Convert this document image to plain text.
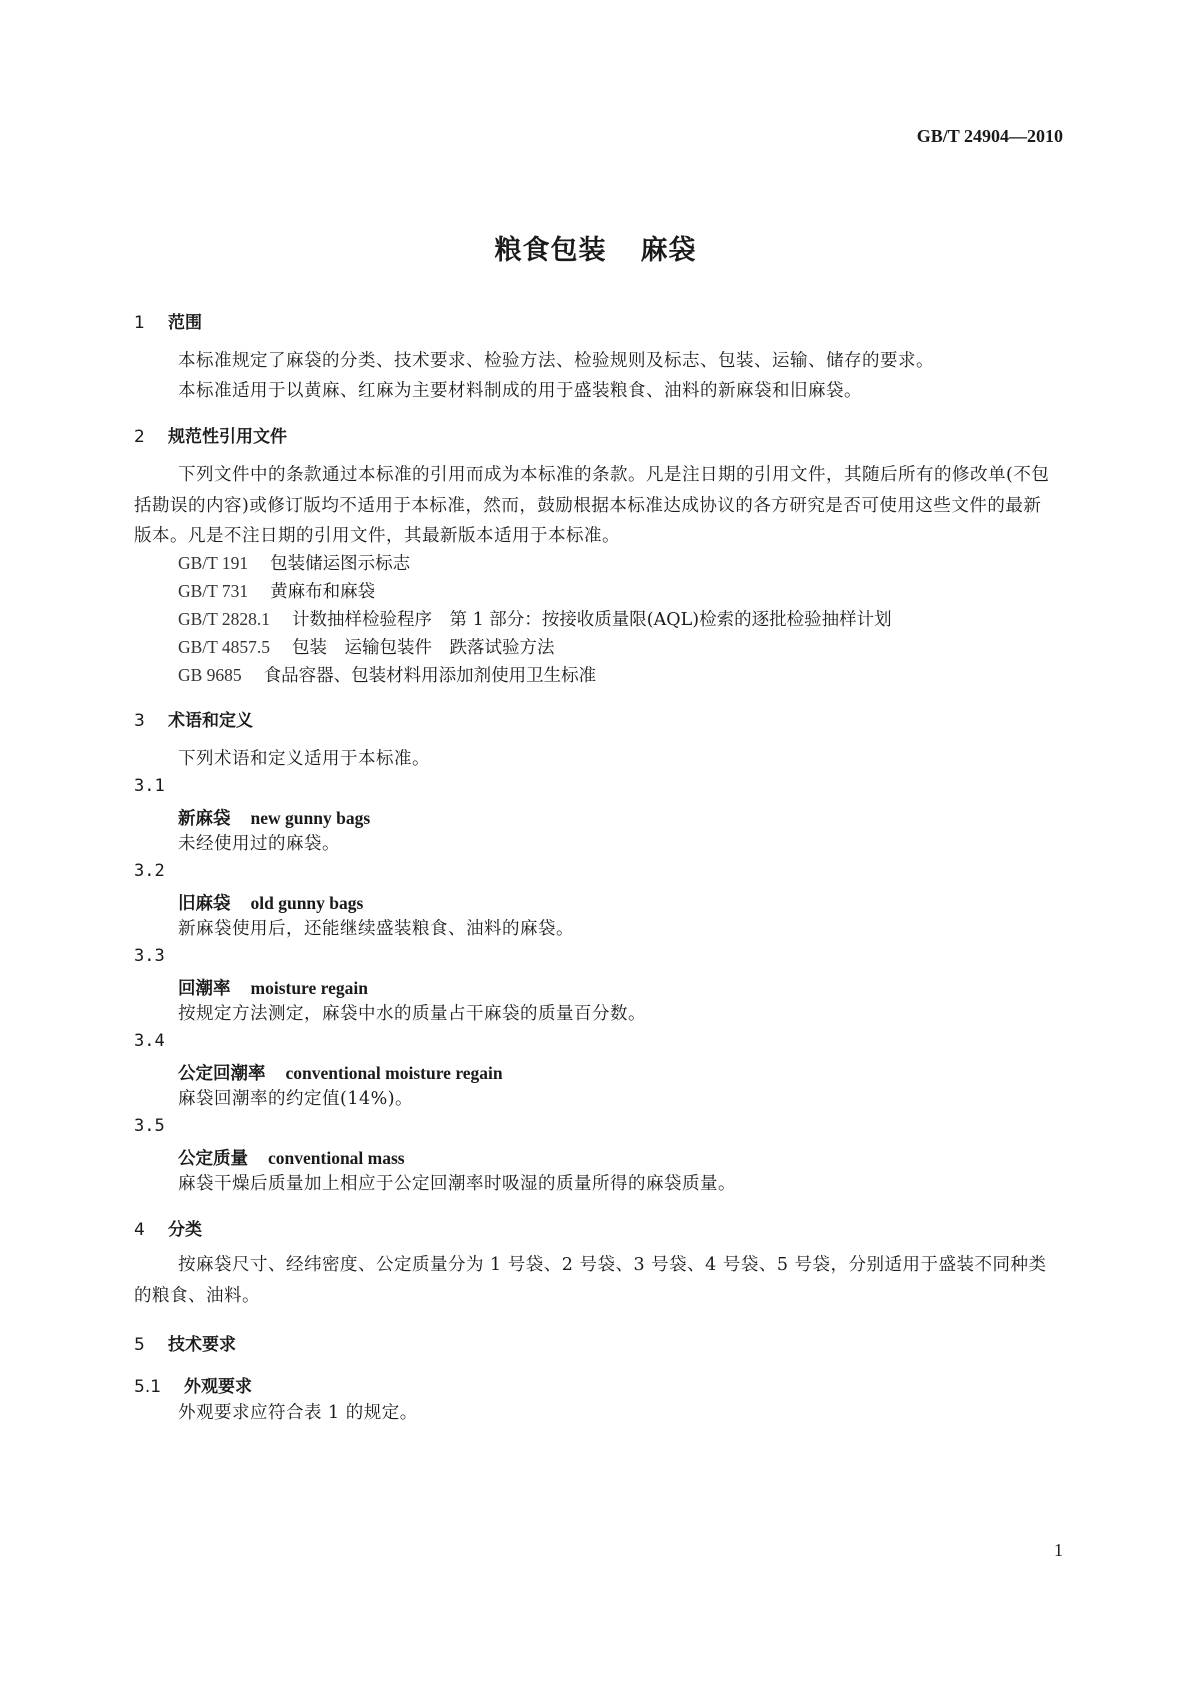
GB/T 24904—2010
粮食包装 麻袋
1 范围
本标准规定了麻袋的分类、技术要求、检验方法、检验规则及标志、包装、运输、储存的要求。
本标准适用于以黄麻、红麻为主要材料制成的用于盛装粮食、油料的新麻袋和旧麻袋。
2 规范性引用文件
下列文件中的条款通过本标准的引用而成为本标准的条款。凡是注日期的引用文件，其随后所有的修改单(不包括勘误的内容)或修订版均不适用于本标准，然而，鼓励根据本标准达成协议的各方研究是否可使用这些文件的最新版本。凡是不注日期的引用文件，其最新版本适用于本标准。
GB/T 191 包装储运图示标志
GB/T 731 黄麻布和麻袋
GB/T 2828.1 计数抽样检验程序　第 1 部分：按接收质量限(AQL)检索的逐批检验抽样计划
GB/T 4857.5 包装　运输包装件　跌落试验方法
GB 9685 食品容器、包装材料用添加剂使用卫生标准
3 术语和定义
下列术语和定义适用于本标准。
3.1
新麻袋 new gunny bags
未经使用过的麻袋。
3.2
旧麻袋 old gunny bags
新麻袋使用后，还能继续盛装粮食、油料的麻袋。
3.3
回潮率 moisture regain
按规定方法测定，麻袋中水的质量占干麻袋的质量百分数。
3.4
公定回潮率 conventional moisture regain
麻袋回潮率的约定值(14%)。
3.5
公定质量 conventional mass
麻袋干燥后质量加上相应于公定回潮率时吸湿的质量所得的麻袋质量。
4 分类
按麻袋尺寸、经纬密度、公定质量分为 1 号袋、2 号袋、3 号袋、4 号袋、5 号袋，分别适用于盛装不同种类的粮食、油料。
5 技术要求
5.1 外观要求
外观要求应符合表 1 的规定。
1
